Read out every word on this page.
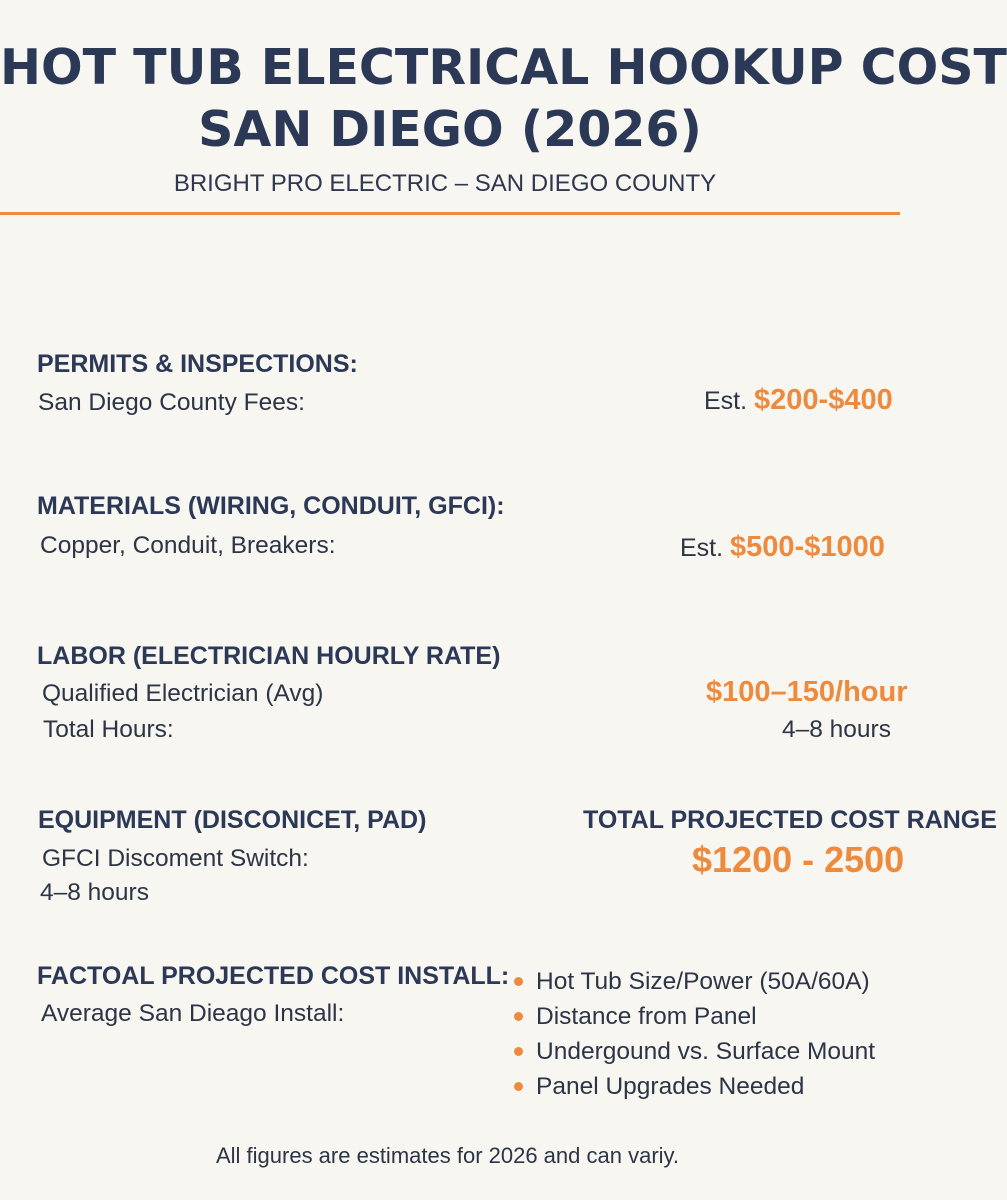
HOT TUB ELECTRICAL HOOKUP COST
SAN DIEGO (2026)
BRIGHT PRO ELECTRIC – SAN DIEGO COUNTY
PERMITS & INSPECTIONS:
San Diego County Fees:	Est. $200-$400
MATERIALS (WIRING, CONDUIT, GFCI):
Copper, Conduit, Breakers:	Est. $500-$1000
LABOR (ELECTRICIAN HOURLY RATE)
Qualified Electrician (Avg)	$100–150/hour
Total Hours:	4–8 hours
EQUIPMENT (DISCONICET, PAD)
GFCI Discoment Switch:
4–8 hours
TOTAL PROJECTED COST RANGE
$1200 - 2500
FACTOAL PROJECTED COST INSTALL:
Average San Dieago Install:
Hot Tub Size/Power (50A/60A)
Distance from Panel
Undergound vs. Surface Mount
Panel Upgrades Needed
All figures are estimates for 2026 and can variy.
